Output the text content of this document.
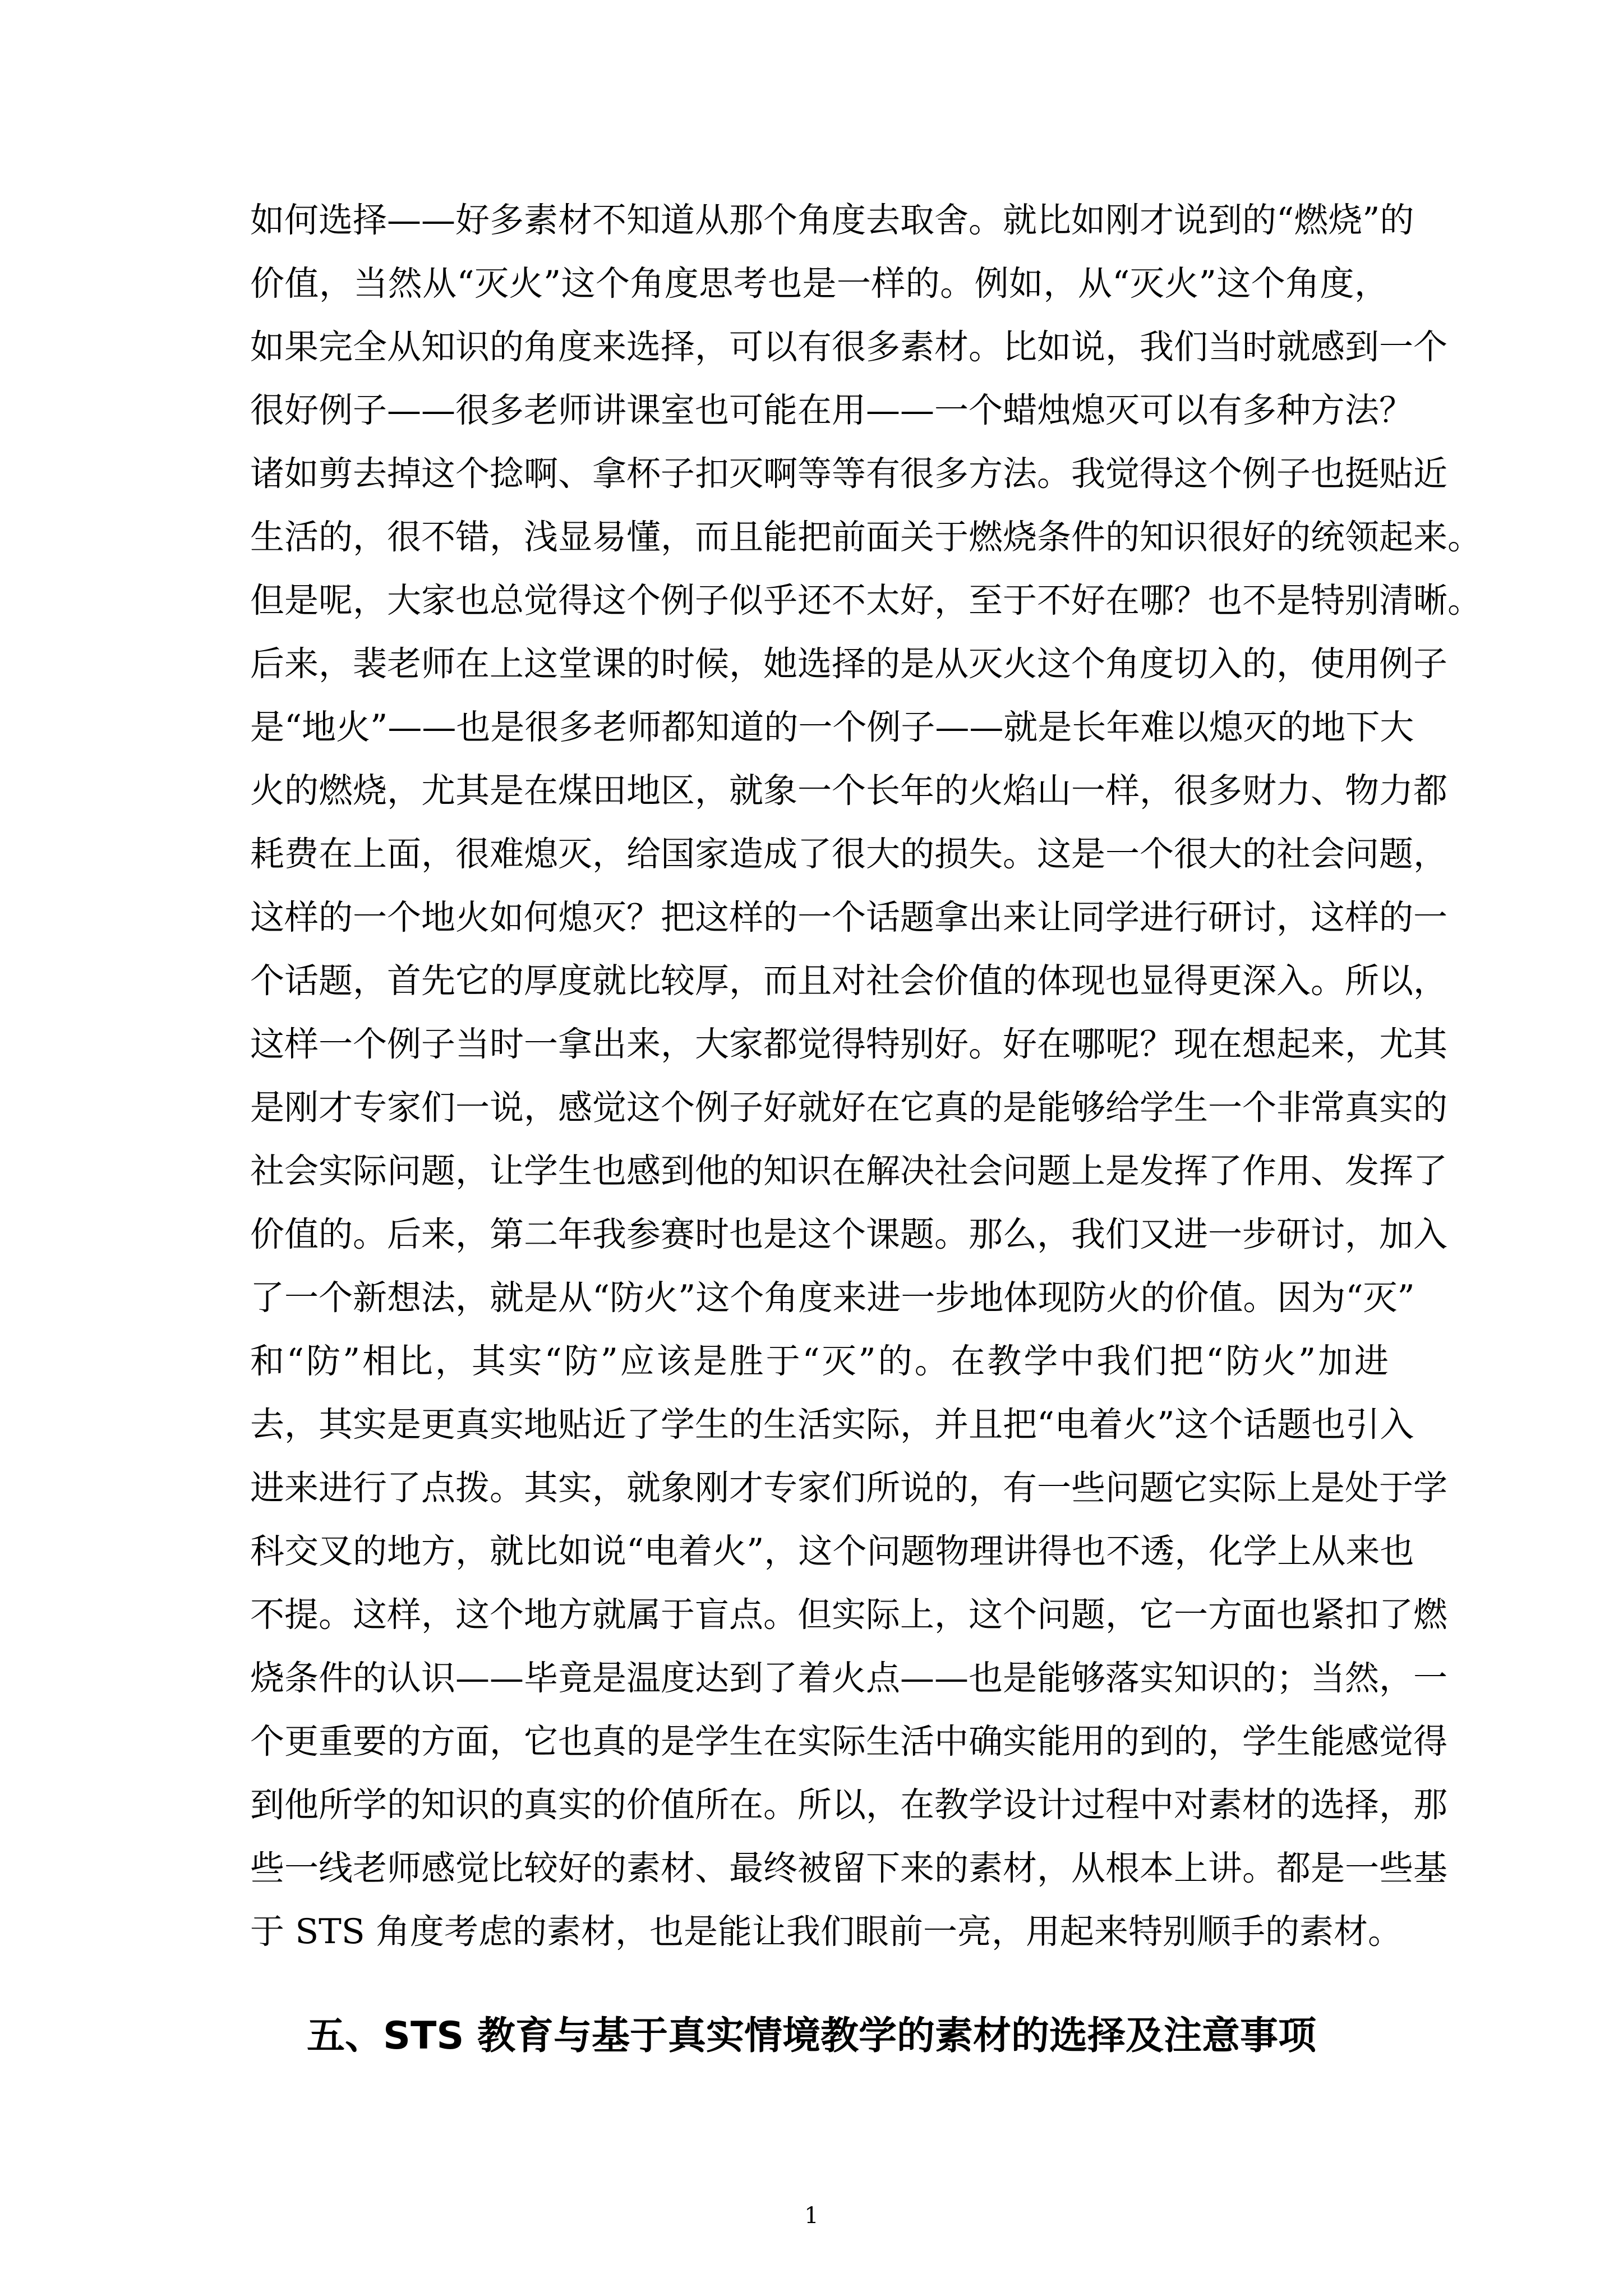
如何选择——好多素材不知道从那个角度去取舍。就比如刚才说到的“燃烧”的
价值，当然从“灭火”这个角度思考也是一样的。例如，从“灭火”这个角度，
如果完全从知识的角度来选择，可以有很多素材。比如说，我们当时就感到一个
很好例子——很多老师讲课室也可能在用——一个蜡烛熄灭可以有多种方法？
诸如剪去掉这个捻啊、拿杯子扣灭啊等等有很多方法。我觉得这个例子也挺贴近
生活的，很不错，浅显易懂，而且能把前面关于燃烧条件的知识很好的统领起来。
但是呢，大家也总觉得这个例子似乎还不太好，至于不好在哪？也不是特别清晰。
后来，裴老师在上这堂课的时候，她选择的是从灭火这个角度切入的，使用例子
是“地火”——也是很多老师都知道的一个例子——就是长年难以熄灭的地下大
火的燃烧，尤其是在煤田地区，就象一个长年的火焰山一样，很多财力、物力都
耗费在上面，很难熄灭，给国家造成了很大的损失。这是一个很大的社会问题，
这样的一个地火如何熄灭？把这样的一个话题拿出来让同学进行研讨，这样的一
个话题，首先它的厚度就比较厚，而且对社会价值的体现也显得更深入。所以，
这样一个例子当时一拿出来，大家都觉得特别好。好在哪呢？现在想起来，尤其
是刚才专家们一说，感觉这个例子好就好在它真的是能够给学生一个非常真实的
社会实际问题，让学生也感到他的知识在解决社会问题上是发挥了作用、发挥了
价值的。后来，第二年我参赛时也是这个课题。那么，我们又进一步研讨，加入
了一个新想法，就是从“防火”这个角度来进一步地体现防火的价值。因为“灭”
和“防”相比，其实“防”应该是胜于“灭”的。在教学中我们把“防火”加进
去，其实是更真实地贴近了学生的生活实际，并且把“电着火”这个话题也引入
进来进行了点拨。其实，就象刚才专家们所说的，有一些问题它实际上是处于学
科交叉的地方，就比如说“电着火”，这个问题物理讲得也不透，化学上从来也
不提。这样，这个地方就属于盲点。但实际上，这个问题，它一方面也紧扣了燃
烧条件的认识——毕竟是温度达到了着火点——也是能够落实知识的；当然，一
个更重要的方面，它也真的是学生在实际生活中确实能用的到的，学生能感觉得
到他所学的知识的真实的价值所在。所以，在教学设计过程中对素材的选择，那
些一线老师感觉比较好的素材、最终被留下来的素材，从根本上讲。都是一些基
于 STS 角度考虑的素材，也是能让我们眼前一亮，用起来特别顺手的素材。
五、STS 教育与基于真实情境教学的素材的选择及注意事项
1
